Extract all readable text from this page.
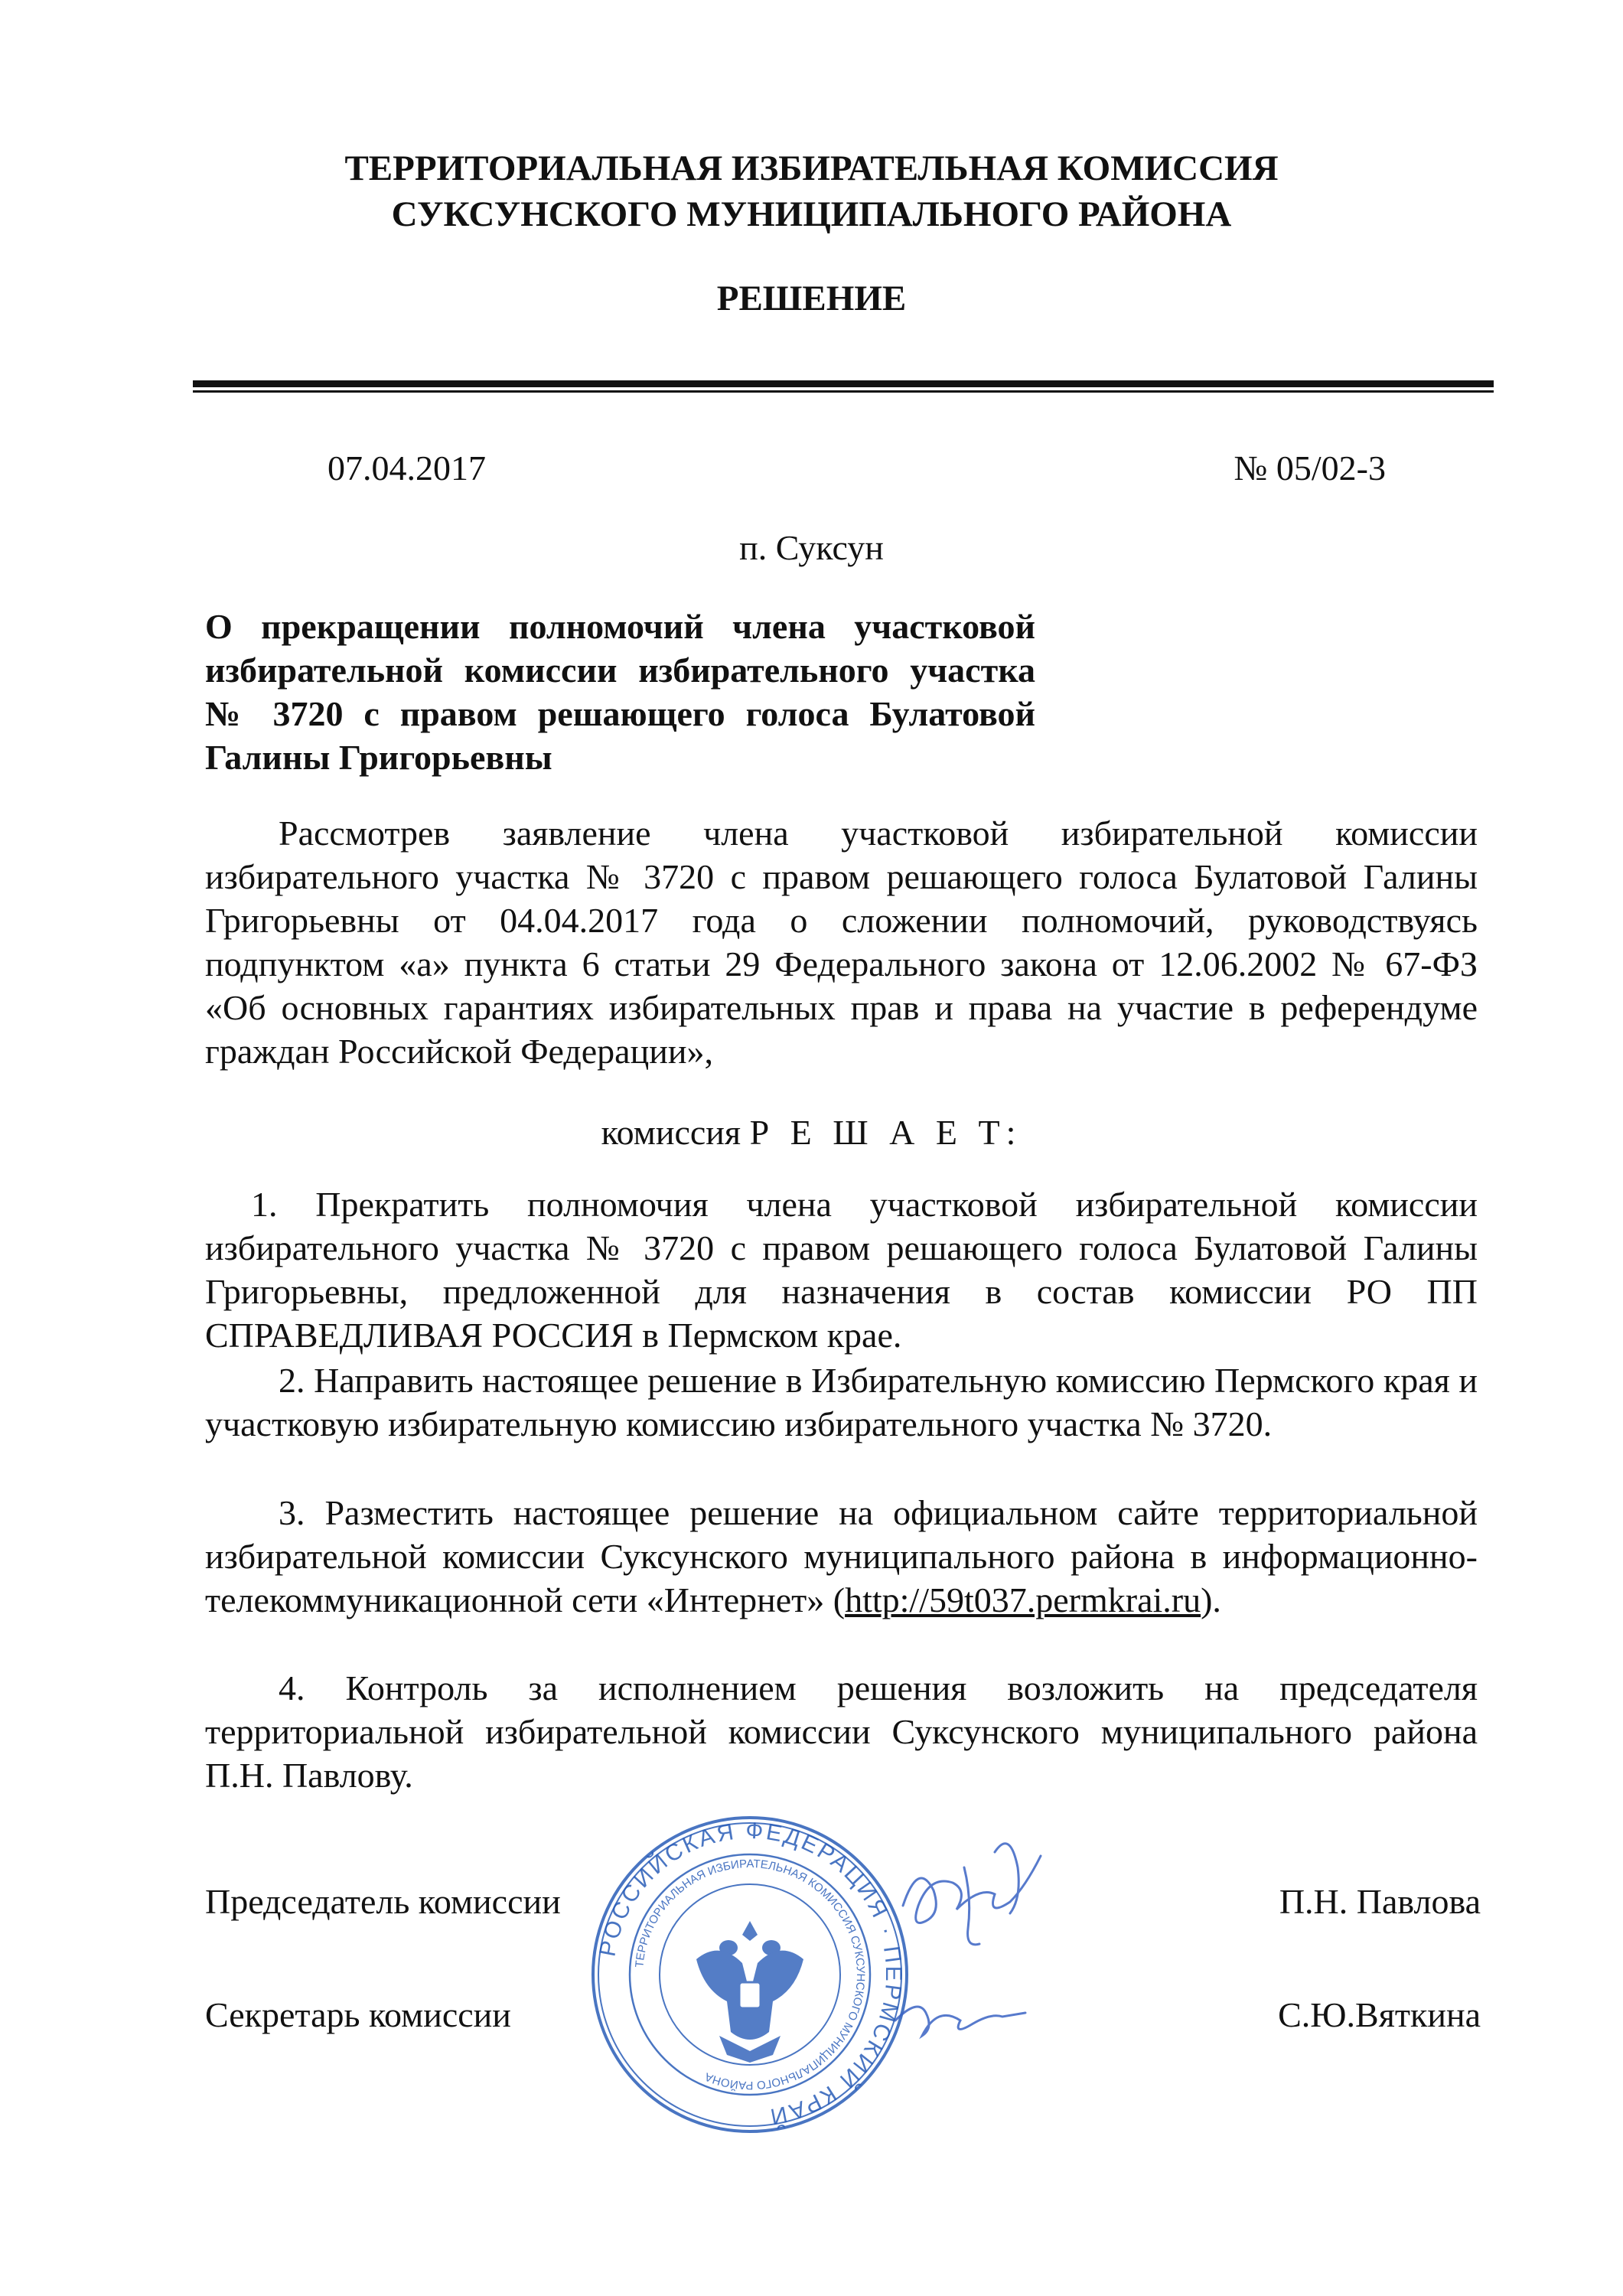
ТЕРРИТОРИАЛЬНАЯ ИЗБИРАТЕЛЬНАЯ КОМИССИЯ
СУКСУНСКОГО МУНИЦИПАЛЬНОГО РАЙОНА
РЕШЕНИЕ
07.04.2017	№ 05/02-3
п. Суксун
О прекращении полномочий члена участковой избирательной комиссии избирательного участка № 3720 с правом решающего голоса Булатовой Галины Григорьевны
Рассмотрев заявление члена участковой избирательной комиссии избирательного участка № 3720 с правом решающего голоса Булатовой Галины Григорьевны от 04.04.2017 года о сложении полномочий, руководствуясь подпунктом «а» пункта 6 статьи 29 Федерального закона от 12.06.2002 № 67-ФЗ «Об основных гарантиях избирательных прав и права на участие в референдуме граждан Российской Федерации»,
комиссия Р Е Ш А Е Т:
1. Прекратить полномочия члена участковой избирательной комиссии избирательного участка № 3720 с правом решающего голоса Булатовой Галины Григорьевны, предложенной для назначения в состав комиссии РО ПП СПРАВЕДЛИВАЯ РОССИЯ в Пермском крае.
2. Направить настоящее решение в Избирательную комиссию Пермского края и участковую избирательную комиссию избирательного участка № 3720.
3. Разместить настоящее решение на официальном сайте территориальной избирательной комиссии Суксунского муниципального района в информационно-телекоммуникационной сети «Интернет» (http://59t037.permkrai.ru).
4. Контроль за исполнением решения возложить на председателя территориальной избирательной комиссии Суксунского муниципального района П.Н. Павлову.
Председатель комиссии	П.Н. Павлова
Секретарь комиссии	С.Ю.Вяткина
РОССИЙСКАЯ ФЕДЕРАЦИЯ · ПЕРМСКИЙ КРАЙ
ТЕРРИТОРИАЛЬНАЯ ИЗБИРАТЕЛЬНАЯ КОМИССИЯ СУКСУНСКОГО МУНИЦИПАЛЬНОГО РАЙОНА
